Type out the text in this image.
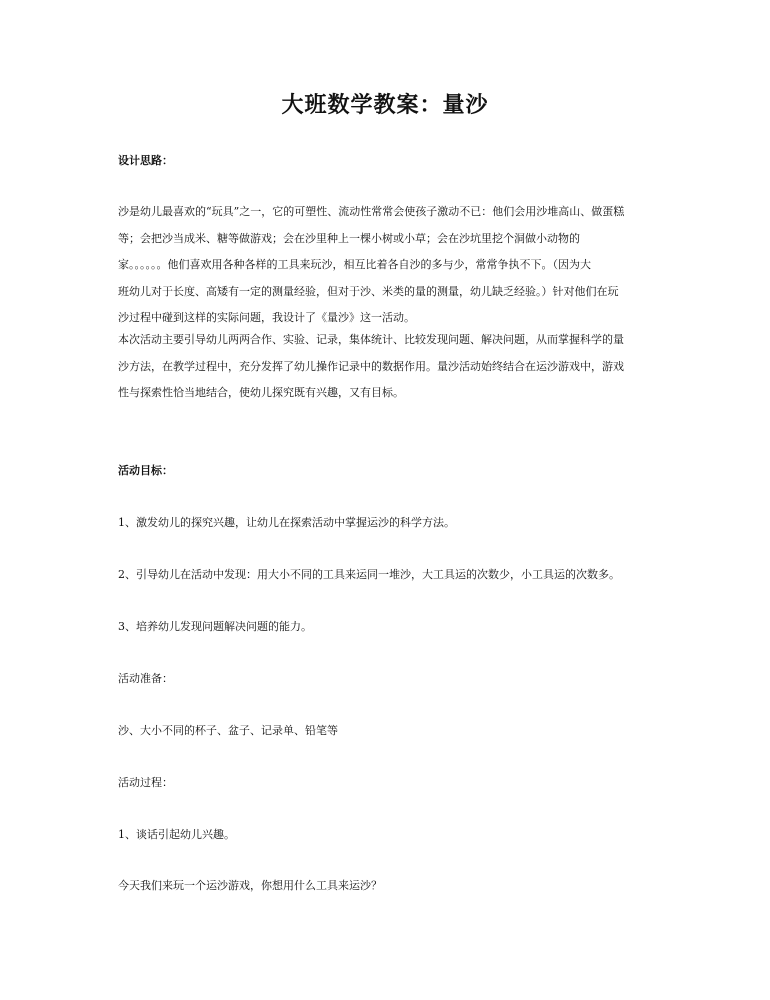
大班数学教案：量沙

设计思路：

沙是幼儿最喜欢的“玩具”之一，它的可塑性、流动性常常会使孩子激动不已：他们会用沙堆高山、做蛋糕
等；会把沙当成米、糖等做游戏；会在沙里种上一棵小树或小草；会在沙坑里挖个洞做小动物的
家。。。。。。他们喜欢用各种各样的工具来玩沙，相互比着各自沙的多与少，常常争执不下。（因为大
班幼儿对于长度、高矮有一定的测量经验，但对于沙、米类的量的测量，幼儿缺乏经验。）针对他们在玩
沙过程中碰到这样的实际问题，我设计了《量沙》这一活动。
本次活动主要引导幼儿两两合作、实验、记录，集体统计、比较发现问题、解决问题，从而掌握科学的量
沙方法，在教学过程中，充分发挥了幼儿操作记录中的数据作用。量沙活动始终结合在运沙游戏中，游戏
性与探索性恰当地结合，使幼儿探究既有兴趣，又有目标。

活动目标：

1、激发幼儿的探究兴趣，让幼儿在探索活动中掌握运沙的科学方法。

2、引导幼儿在活动中发现：用大小不同的工具来运同一堆沙，大工具运的次数少，小工具运的次数多。

3、培养幼儿发现问题解决问题的能力。

活动准备：

沙、大小不同的杯子、盆子、记录单、铅笔等

活动过程：

1、谈话引起幼儿兴趣。

今天我们来玩一个运沙游戏，你想用什么工具来运沙？
